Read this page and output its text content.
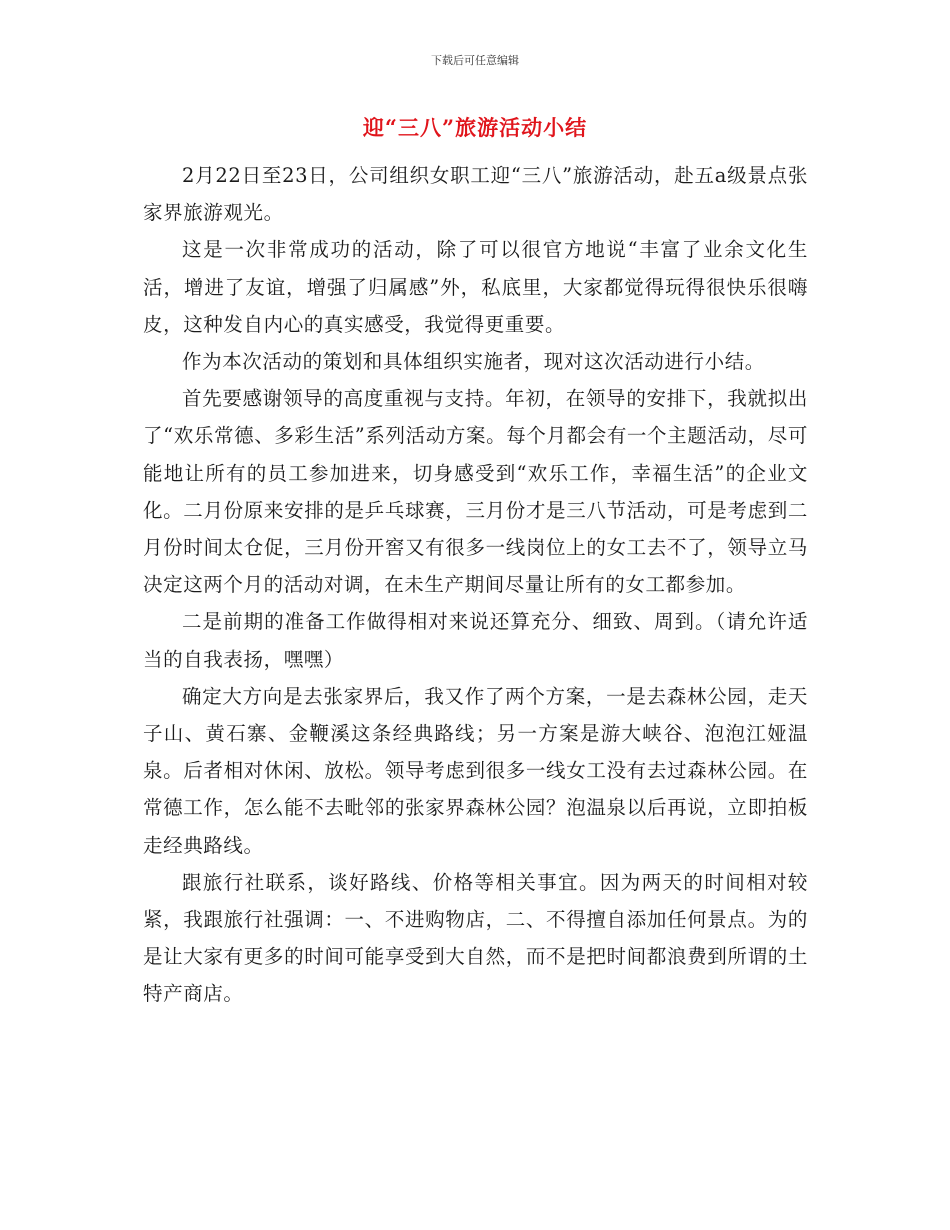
下载后可任意编辑
迎“三八”旅游活动小结

2月22日至23日，公司组织女职工迎“三八”旅游活动，赴五a级景点张家界旅游观光。

这是一次非常成功的活动，除了可以很官方地说“丰富了业余文化生活，增进了友谊，增强了归属感”外，私底里，大家都觉得玩得很快乐很嗨皮，这种发自内心的真实感受，我觉得更重要。

作为本次活动的策划和具体组织实施者，现对这次活动进行小结。

首先要感谢领导的高度重视与支持。年初，在领导的安排下，我就拟出了“欢乐常德、多彩生活”系列活动方案。每个月都会有一个主题活动，尽可能地让所有的员工参加进来，切身感受到“欢乐工作，幸福生活”的企业文化。二月份原来安排的是乒乓球赛，三月份才是三八节活动，可是考虑到二月份时间太仓促，三月份开窖又有很多一线岗位上的女工去不了，领导立马决定这两个月的活动对调，在未生产期间尽量让所有的女工都参加。

二是前期的准备工作做得相对来说还算充分、细致、周到。（请允许适当的自我表扬，嘿嘿）

确定大方向是去张家界后，我又作了两个方案，一是去森林公园，走天子山、黄石寨、金鞭溪这条经典路线；另一方案是游大峡谷、泡泡江娅温泉。后者相对休闲、放松。领导考虑到很多一线女工没有去过森林公园。在常德工作，怎么能不去毗邻的张家界森林公园？泡温泉以后再说，立即拍板走经典路线。

跟旅行社联系，谈好路线、价格等相关事宜。因为两天的时间相对较紧，我跟旅行社强调：一、不进购物店，二、不得擅自添加任何景点。为的是让大家有更多的时间可能享受到大自然，而不是把时间都浪费到所谓的土特产商店。
